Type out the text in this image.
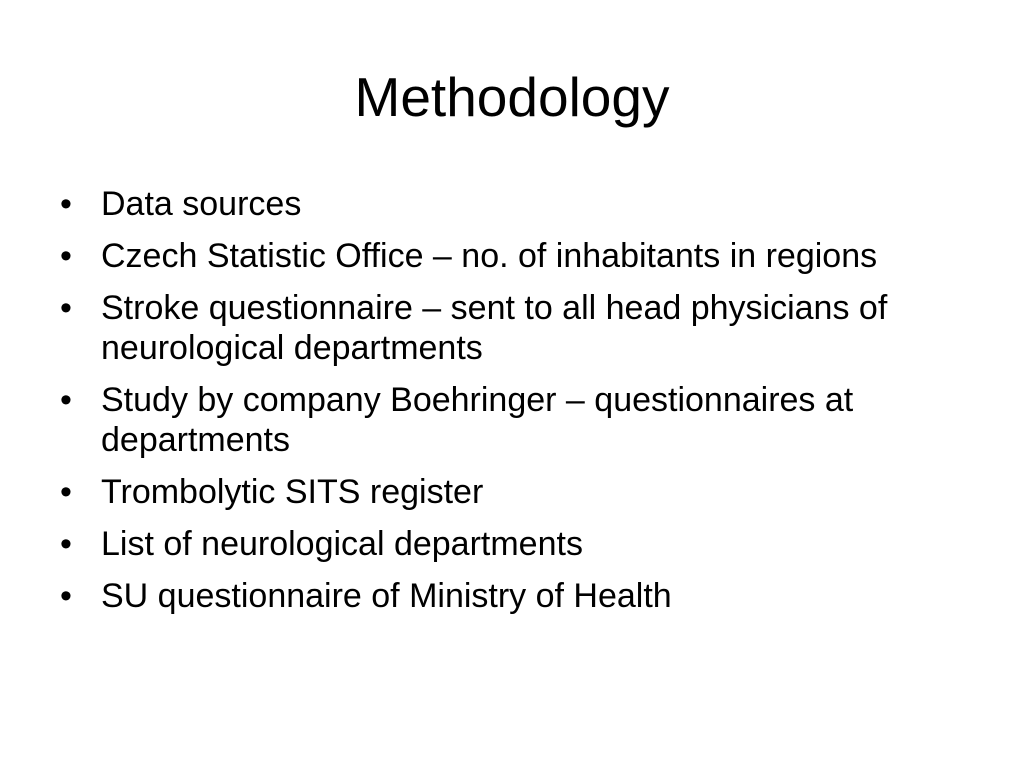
Methodology
• Data sources
• Czech Statistic Office – no. of inhabitants in regions
• Stroke questionnaire – sent to all head physicians of neurological departments
• Study by company Boehringer – questionnaires at departments
• Trombolytic SITS register
• List of neurological departments
• SU questionnaire of Ministry of Health
